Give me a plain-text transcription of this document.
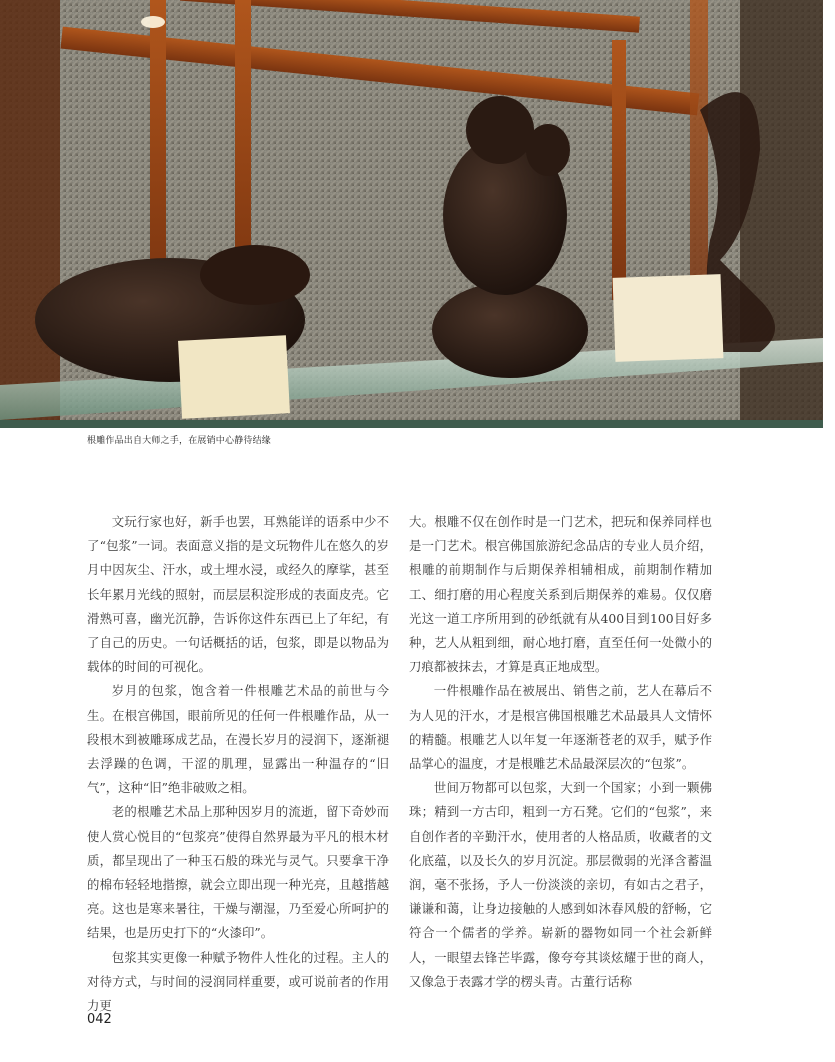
根雕作品出自大师之手，在展销中心静待结缘

文玩行家也好，新手也罢，耳熟能详的语系中少不了“包浆”一词。表面意义指的是文玩物件儿在悠久的岁月中因灰尘、汗水，或土埋水浸，或经久的摩挲，甚至长年累月光线的照射，而层层积淀形成的表面皮壳。它滑熟可喜，幽光沉静，告诉你这件东西已上了年纪，有了自己的历史。一句话概括的话，包浆，即是以物品为载体的时间的可视化。

岁月的包浆，饱含着一件根雕艺术品的前世与今生。在根宫佛国，眼前所见的任何一件根雕作品，从一段根木到被雕琢成艺品，在漫长岁月的浸润下，逐渐褪去浮躁的色调，干涩的肌理，显露出一种温存的“旧气”，这种“旧”绝非破败之相。

老的根雕艺术品上那种因岁月的流逝，留下奇妙而使人赏心悦目的“包浆亮”使得自然界最为平凡的根木材质，都呈现出了一种玉石般的珠光与灵气。只要拿干净的棉布轻轻地揩擦，就会立即出现一种光亮，且越揩越亮。这也是寒来暑往，干燥与潮湿，乃至爱心所呵护的结果，也是历史打下的“火漆印”。

包浆其实更像一种赋予物件人性化的过程。主人的对待方式，与时间的浸润同样重要，或可说前者的作用力更

大。根雕不仅在创作时是一门艺术，把玩和保养同样也是一门艺术。根宫佛国旅游纪念品店的专业人员介绍，根雕的前期制作与后期保养相辅相成，前期制作精加工、细打磨的用心程度关系到后期保养的难易。仅仅磨光这一道工序所用到的砂纸就有从400目到100目好多种，艺人从粗到细，耐心地打磨，直至任何一处微小的刀痕都被抹去，才算是真正地成型。

一件根雕作品在被展出、销售之前，艺人在幕后不为人见的汗水，才是根宫佛国根雕艺术品最具人文情怀的精髓。根雕艺人以年复一年逐渐苍老的双手，赋予作品掌心的温度，才是根雕艺术品最深层次的“包浆”。

世间万物都可以包浆，大到一个国家；小到一颗佛珠；精到一方古印，粗到一方石凳。它们的“包浆”，来自创作者的辛勤汗水，使用者的人格品质，收藏者的文化底蕴，以及长久的岁月沉淀。那层微弱的光泽含蓄温润，毫不张扬，予人一份淡淡的亲切，有如古之君子，谦谦和蔼，让身边接触的人感到如沐春风般的舒畅，它符合一个儒者的学养。崭新的器物如同一个社会新鲜人，一眼望去锋芒毕露，像夸夸其谈炫耀于世的商人，又像急于表露才学的楞头青。古董行话称

042
